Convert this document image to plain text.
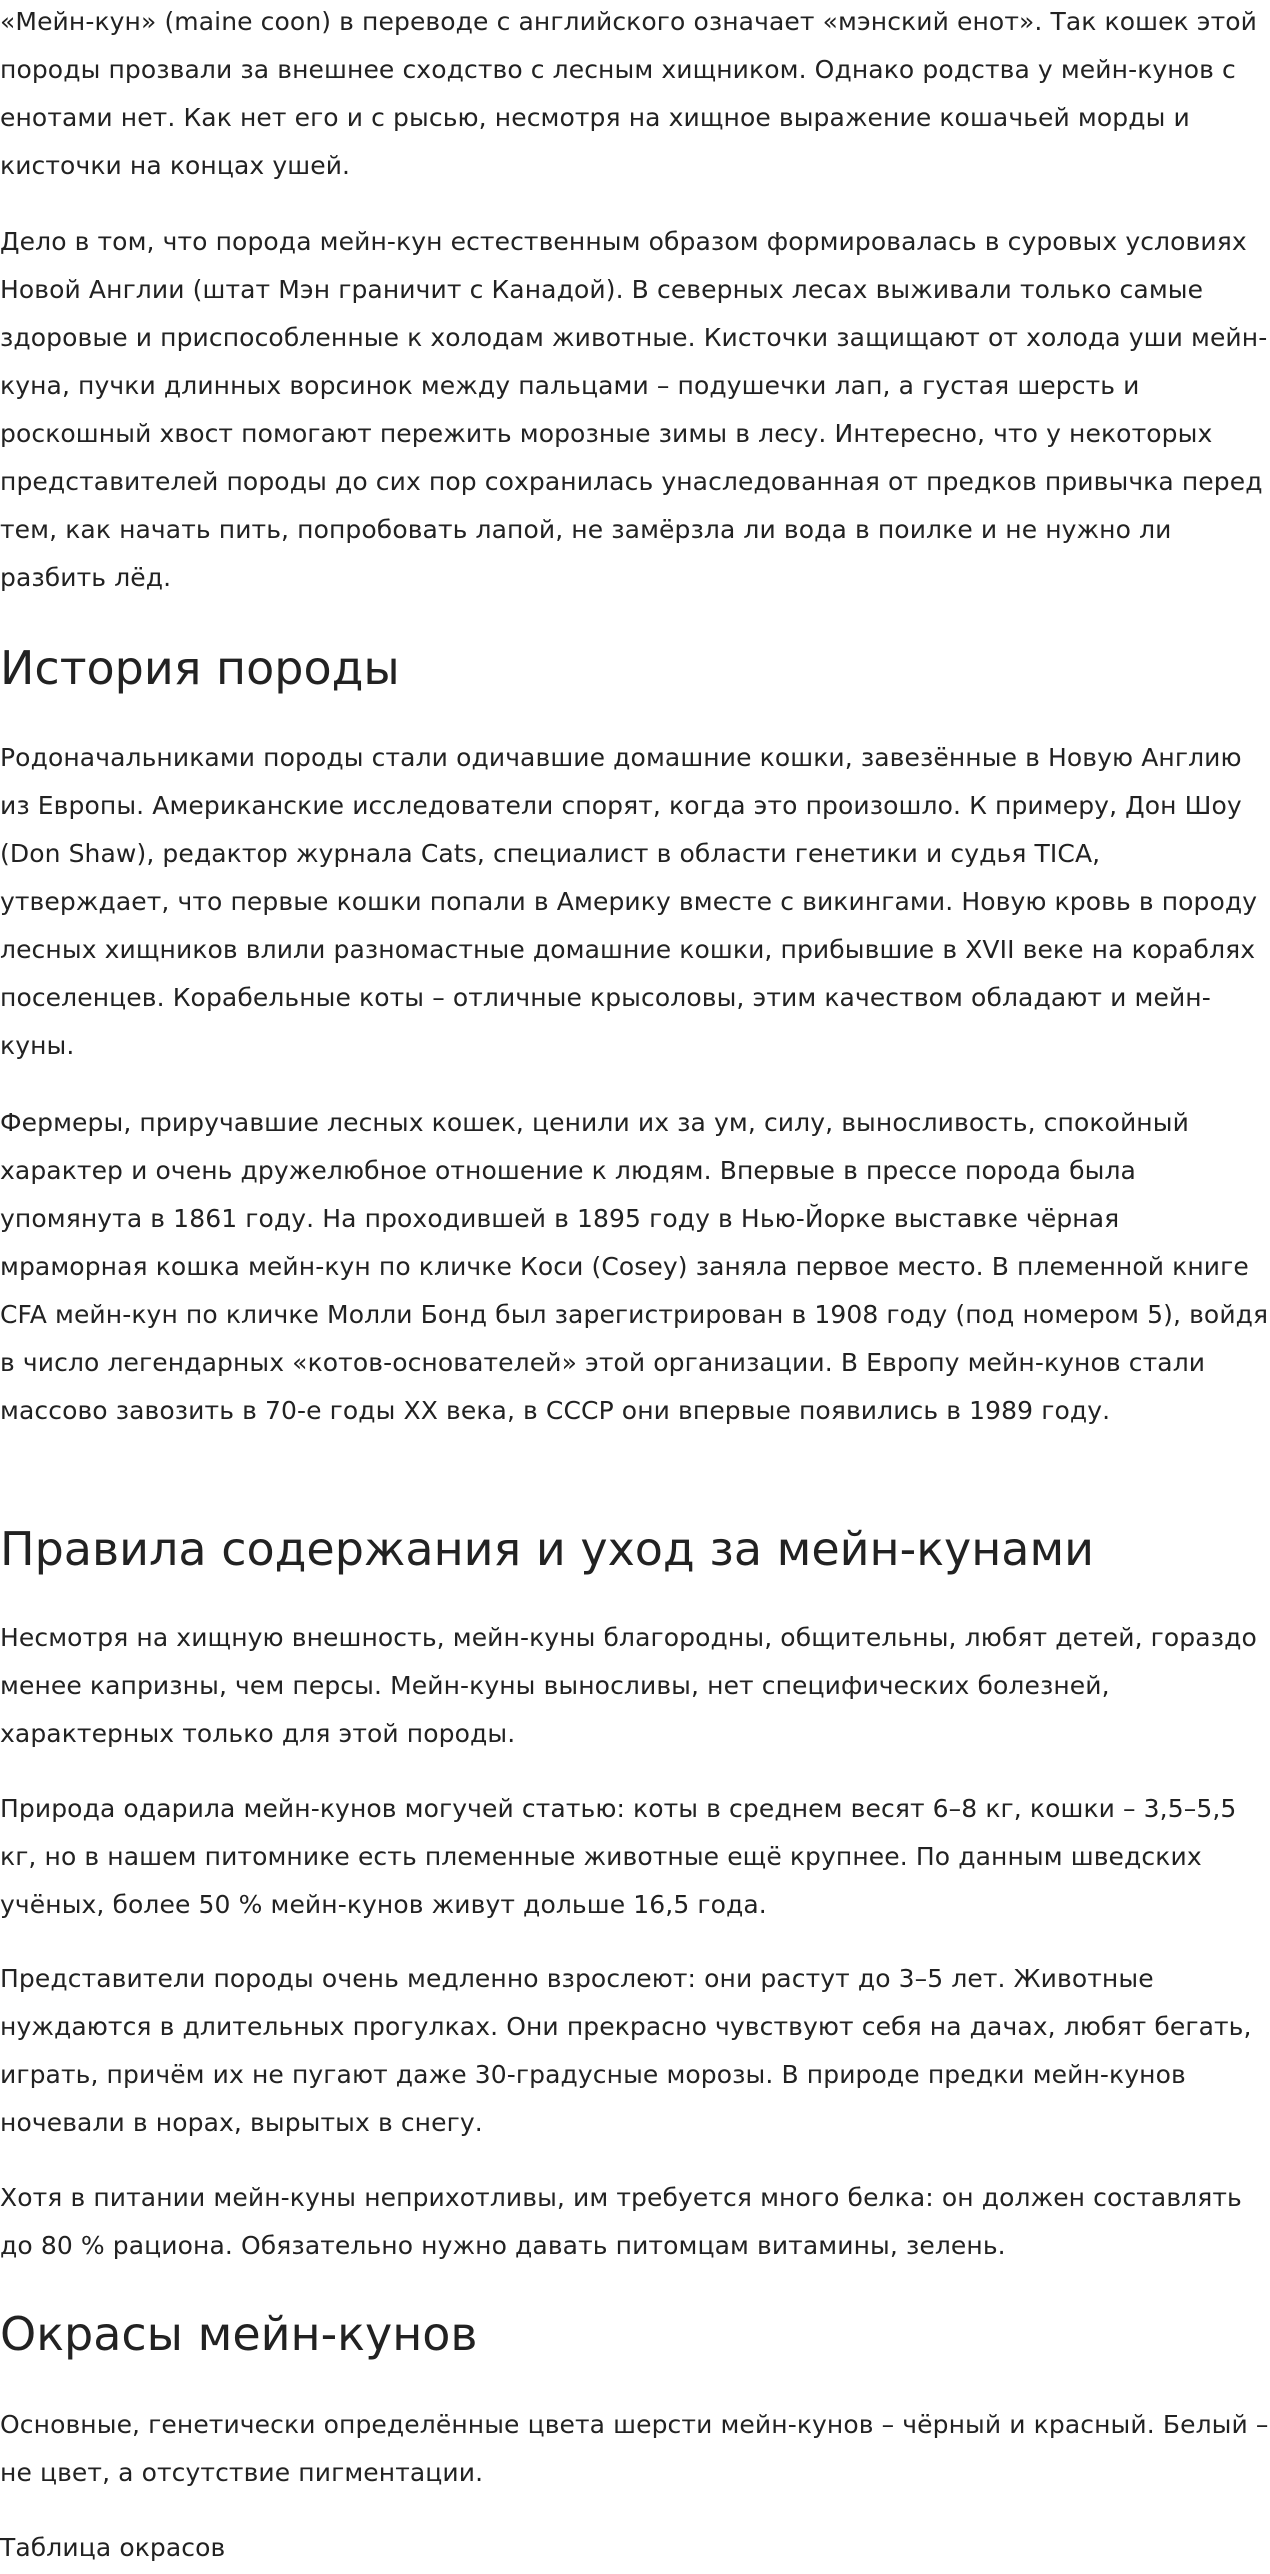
«Мейн-кун» (maine coon) в переводе с английского означает «мэнский енот». Так кошек этой породы прозвали за внешнее сходство с лесным хищником. Однако родства у мейн-кунов с енотами нет. Как нет его и с рысью, несмотря на хищное выражение кошачьей морды и кисточки на концах ушей.

Дело в том, что порода мейн-кун естественным образом формировалась в суровых условиях Новой Англии (штат Мэн граничит с Канадой). В северных лесах выживали только самые здоровые и приспособленные к холодам животные. Кисточки защищают от холода уши мейн-куна, пучки длинных ворсинок между пальцами – подушечки лап, а густая шерсть и роскошный хвост помогают пережить морозные зимы в лесу. Интересно, что у некоторых представителей породы до сих пор сохранилась унаследованная от предков привычка перед тем, как начать пить, попробовать лапой, не замёрзла ли вода в поилке и не нужно ли разбить лёд.

История породы

Родоначальниками породы стали одичавшие домашние кошки, завезённые в Новую Англию из Европы. Американские исследователи спорят, когда это произошло. К примеру, Дон Шоу (Don Shaw), редактор журнала Cats, специалист в области генетики и судья TICA, утверждает, что первые кошки попали в Америку вместе с викингами. Новую кровь в породу лесных хищников влили разномастные домашние кошки, прибывшие в XVII веке на кораблях поселенцев. Корабельные коты – отличные крысоловы, этим качеством обладают и мейн-куны.

Фермеры, приручавшие лесных кошек, ценили их за ум, силу, выносливость, спокойный характер и очень дружелюбное отношение к людям. Впервые в прессе порода была упомянута в 1861 году. На проходившей в 1895 году в Нью-Йорке выставке чёрная мраморная кошка мейн-кун по кличке Коси (Cosey) заняла первое место. В племенной книге CFA мейн-кун по кличке Молли Бонд был зарегистрирован в 1908 году (под номером 5), войдя в число легендарных «котов-основателей» этой организации. В Европу мейн-кунов стали массово завозить в 70-е годы XX века, в СССР они впервые появились в 1989 году.

Правила содержания и уход за мейн-кунами

Несмотря на хищную внешность, мейн-куны благородны, общительны, любят детей, гораздо менее капризны, чем персы. Мейн-куны выносливы, нет специфических болезней, характерных только для этой породы.

Природа одарила мейн-кунов могучей статью: коты в среднем весят 6–8 кг, кошки – 3,5–5,5 кг, но в нашем питомнике есть племенные животные ещё крупнее. По данным шведских учёных, более 50 % мейн-кунов живут дольше 16,5 года.

Представители породы очень медленно взрослеют: они растут до 3–5 лет. Животные нуждаются в длительных прогулках. Они прекрасно чувствуют себя на дачах, любят бегать, играть, причём их не пугают даже 30-градусные морозы. В природе предки мейн-кунов ночевали в норах, вырытых в снегу.

Хотя в питании мейн-куны неприхотливы, им требуется много белка: он должен составлять до 80 % рациона. Обязательно нужно давать питомцам витамины, зелень.

Окрасы мейн-кунов

Основные, генетически определённые цвета шерсти мейн-кунов – чёрный и красный. Белый – не цвет, а отсутствие пигментации.

Таблица окрасов
